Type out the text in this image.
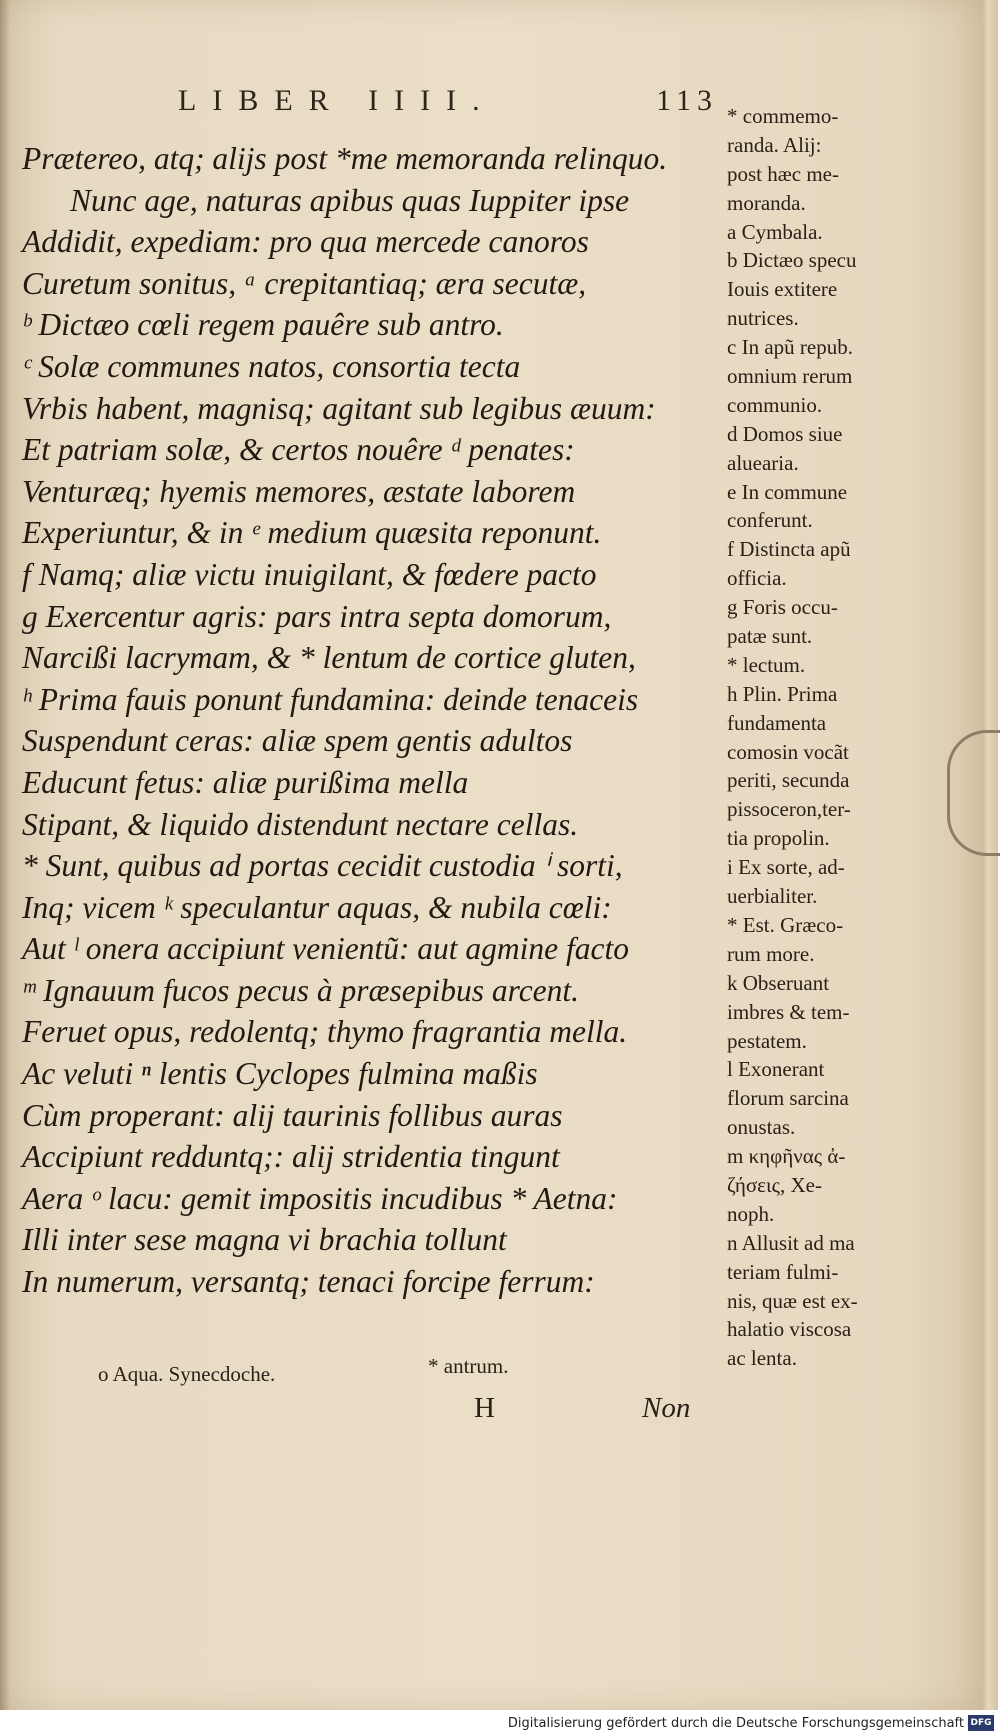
LIBER IIII.	113
Prætereo, atq; alijs post *me memoranda relinquo.
Nunc age, naturas apibus quas Iuppiter ipse
Addidit, expediam: pro qua mercede canoros
Curetum sonitus, ᵃ crepitantiaq; æra secutæ,
ᵇ Dictæo cœli regem pauêre sub antro.
ᶜ Solæ communes natos, consortia tecta
Vrbis habent, magnisq; agitant sub legibus æuum:
Et patriam solæ, & certos nouêre ᵈ penates:
Venturæq; hyemis memores, æstate laborem
Experiuntur, & in ᵉ medium quæsita reponunt.
f Namq; aliæ victu inuigilant, & fœdere pacto
g Exercentur agris: pars intra septa domorum,
Narcißi lacrymam, & * lentum de cortice gluten,
ʰ Prima fauis ponunt fundamina: deinde tenaceis
Suspendunt ceras: aliæ spem gentis adultos
Educunt fetus: aliæ purißima mella
Stipant, & liquido distendunt nectare cellas.
* Sunt, quibus ad portas cecidit custodia ⁱ sorti,
Inq; vicem ᵏ speculantur aquas, & nubila cœli:
Aut ˡ onera accipiunt venientũ: aut agmine facto
ᵐ Ignauum fucos pecus à præsepibus arcent.
Feruet opus, redolentq; thymo fragrantia mella.
Ac veluti ⁿ lentis Cyclopes fulmina maßis
Cùm properant: alij taurinis follibus auras
Accipiunt redduntq;: alij stridentia tingunt
Aera ᵒ lacu: gemit impositis incudibus * Aetna:
Illi inter sese magna vi brachia tollunt
In numerum, versantq; tenaci forcipe ferrum:
* commemo-
randa. Alij:
post hæc me-
moranda.
a Cymbala.
b Dictæo specu
Iouis extitere
nutrices.
c In apũ repub.
omnium rerum
communio.
d Domos siue
aluearia.
e In commune
conferunt.
f Distincta apũ
officia.
g Foris occu-
patæ sunt.
* lectum.
h Plin. Prima
fundamenta
comosin vocãt
periti, secunda
pissoceron,ter-
tia propolin.
i Ex sorte, ad-
uerbialiter.
* Est. Græco-
rum more.
k Obseruant
imbres & tem-
pestatem.
l Exonerant
florum sarcina
onustas.
m κηφῆνας ἀ-
ζήσεις, Xe-
noph.
n Allusit ad ma
teriam fulmi-
nis, quæ est ex-
halatio viscosa
ac lenta.
o Aqua. Synecdoche.	* antrum.
H	Non
Digitalisierung gefördert durch die Deutsche Forschungsgemeinschaft DFG
